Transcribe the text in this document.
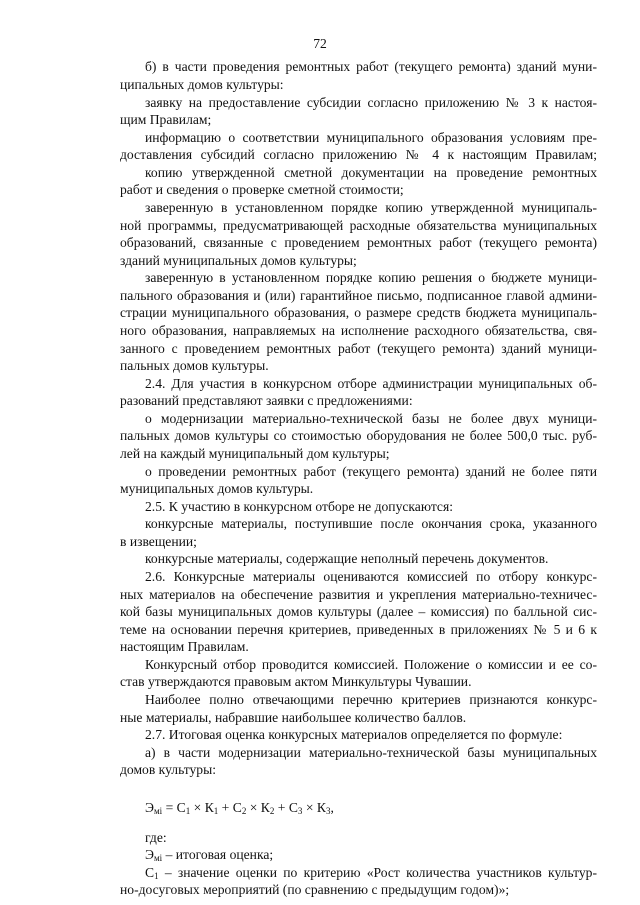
72
б) в части проведения ремонтных работ (текущего ремонта) зданий муни-
ципальных домов культуры:
заявку на предоставление субсидии согласно приложению № 3 к настоя-
щим Правилам;
информацию о соответствии муниципального образования условиям пре-
доставления субсидий согласно приложению № 4 к настоящим Правилам;
копию утвержденной сметной документации на проведение ремонтных
работ и сведения о проверке сметной стоимости;
заверенную в установленном порядке копию утвержденной муниципаль-
ной программы, предусматривающей расходные обязательства муниципальных
образований, связанные с проведением ремонтных работ (текущего ремонта)
зданий муниципальных домов культуры;
заверенную в установленном порядке копию решения о бюджете муници-
пального образования и (или) гарантийное письмо, подписанное главой админи-
страции муниципального образования, о размере средств бюджета муниципаль-
ного образования, направляемых на исполнение расходного обязательства, свя-
занного с проведением ремонтных работ (текущего ремонта) зданий муници-
пальных домов культуры.
2.4. Для участия в конкурсном отборе администрации муниципальных об-
разований представляют заявки с предложениями:
о модернизации материально-технической базы не более двух муници-
пальных домов культуры со стоимостью оборудования не более 500,0 тыс. руб-
лей на каждый муниципальный дом культуры;
о проведении ремонтных работ (текущего ремонта) зданий не более пяти
муниципальных домов культуры.
2.5. К участию в конкурсном отборе не допускаются:
конкурсные материалы, поступившие после окончания срока, указанного
в извещении;
конкурсные материалы, содержащие неполный перечень документов.
2.6. Конкурсные материалы оцениваются комиссией по отбору конкурс-
ных материалов на обеспечение развития и укрепления материально-техничес-
кой базы муниципальных домов культуры (далее – комиссия) по балльной сис-
теме на основании перечня критериев, приведенных в приложениях № 5 и 6 к
настоящим Правилам.
Конкурсный отбор проводится комиссией. Положение о комиссии и ее со-
став утверждаются правовым актом Минкультуры Чувашии.
Наиболее полно отвечающими перечню критериев признаются конкурс-
ные материалы, набравшие наибольшее количество баллов.
2.7. Итоговая оценка конкурсных материалов определяется по формуле:
а) в части модернизации материально-технической базы муниципальных
домов культуры:
$Э_{мi} = С_1 \times К_1 + С_2 \times К_2 + С_3 \times К_3$,
где:
$Э_{мi}$ – итоговая оценка;
$С_1$ – значение оценки по критерию «Рост количества участников культур-
но-досуговых мероприятий (по сравнению с предыдущим годом)»;
